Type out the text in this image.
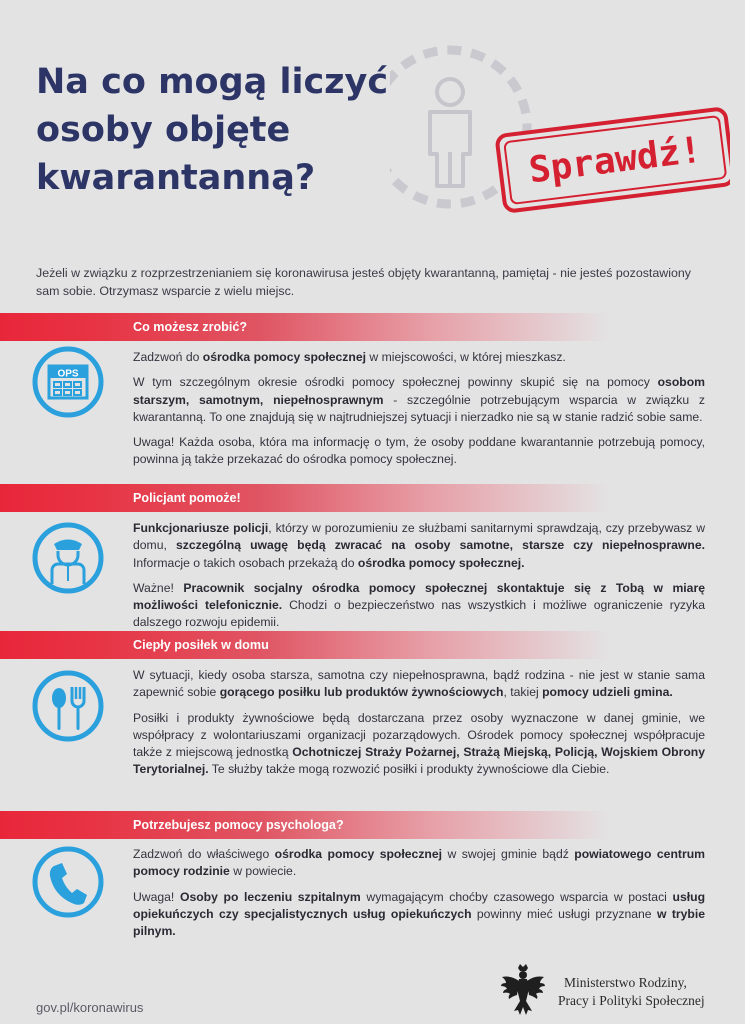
Na co mogą liczyć
osoby objęte
kwarantanną?	Sprawdź!
Jeżeli w związku z rozprzestrzenianiem się koronawirusa jesteś objęty kwarantanną, pamiętaj - nie jesteś pozostawiony sam sobie. Otrzymasz wsparcie z wielu miejsc.
Co możesz zrobić?
OPS

Zadzwoń do ośrodka pomocy społecznej w miejscowości, w której mieszkasz.

W tym szczególnym okresie ośrodki pomocy społecznej powinny skupić się na pomocy osobom starszym, samotnym, niepełnosprawnym - szczególnie potrzebującym wsparcia w związku z kwarantanną. To one znajdują się w najtrudniejszej sytuacji i nierzadko nie są w stanie radzić sobie same.

Uwaga! Każda osoba, która ma informację o tym, że osoby poddane kwarantannie potrzebują pomocy, powinna ją także przekazać do ośrodka pomocy społecznej.

Policjant pomoże!

Funkcjonariusze policji, którzy w porozumieniu ze służbami sanitarnymi sprawdzają, czy przebywasz w domu, szczególną uwagę będą zwracać na osoby samotne, starsze czy niepełnosprawne. Informacje o takich osobach przekażą do ośrodka pomocy społecznej.

Ważne! Pracownik socjalny ośrodka pomocy społecznej skontaktuje się z Tobą w miarę możliwości telefonicznie. Chodzi o bezpieczeństwo nas wszystkich i możliwe ograniczenie ryzyka dalszego rozwoju epidemii.

Ciepły posiłek w domu

W sytuacji, kiedy osoba starsza, samotna czy niepełnosprawna, bądź rodzina - nie jest w stanie sama zapewnić sobie gorącego posiłku lub produktów żywnościowych, takiej pomocy udzieli gmina.

Posiłki i produkty żywnościowe będą dostarczana przez osoby wyznaczone w danej gminie, we współpracy z wolontariuszami organizacji pozarządowych. Ośrodek pomocy społecznej współpracuje także z miejscową jednostką Ochotniczej Straży Pożarnej, Strażą Miejską, Policją, Wojskiem Obrony Terytorialnej. Te służby także mogą rozwozić posiłki i produkty żywnościowe dla Ciebie.

Potrzebujesz pomocy psychologa?

Zadzwoń do właściwego ośrodka pomocy społecznej w swojej gminie bądź powiatowego centrum pomocy rodzinie w powiecie.

Uwaga! Osoby po leczeniu szpitalnym wymagającym choćby czasowego wsparcia w postaci usług opiekuńczych czy specjalistycznych usług opiekuńczych powinny mieć usługi przyznane w trybie pilnym.

gov.pl/koronawirus
Ministerstwo Rodziny,
Pracy i Polityki Społecznej
